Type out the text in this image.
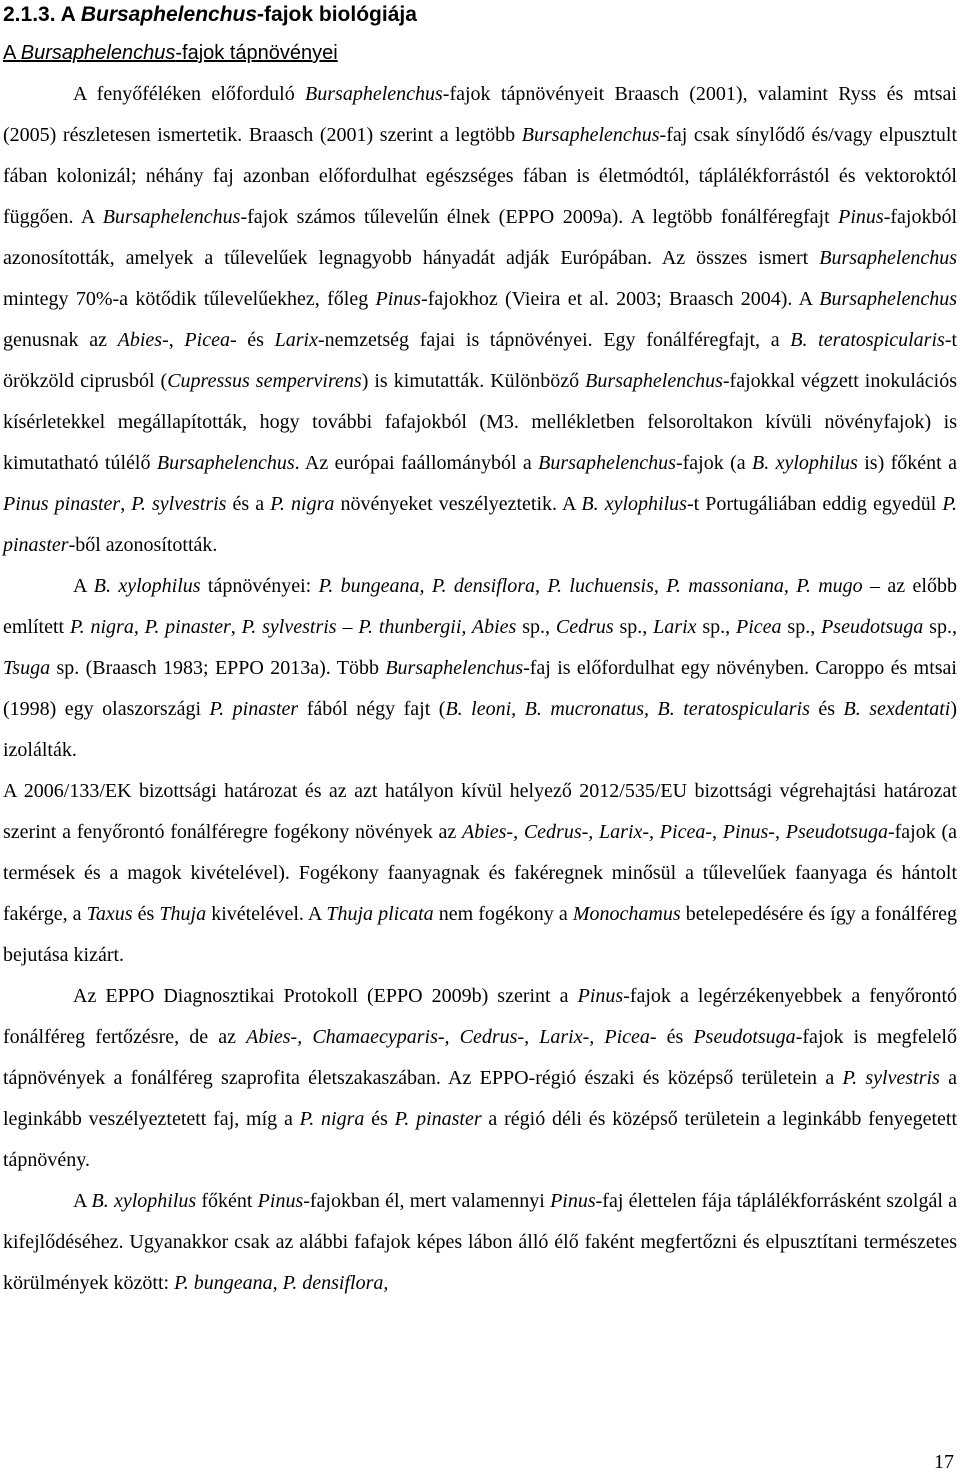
2.1.3. A Bursaphelenchus-fajok biológiája
A Bursaphelenchus-fajok tápnövényei

A fenyőféléken előforduló Bursaphelenchus-fajok tápnövényeit Braasch (2001), valamint Ryss és mtsai (2005) részletesen ismertetik. Braasch (2001) szerint a legtöbb Bursaphelenchus-faj csak sínylődő és/vagy elpusztult fában kolonizál; néhány faj azonban előfordulhat egészséges fában is életmódtól, táplálékforrástól és vektoroktól függően. A Bursaphelenchus-fajok számos tűlevelűn élnek (EPPO 2009a). A legtöbb fonálféregfajt Pinus-fajokból azonosították, amelyek a tűlevelűek legnagyobb hányadát adják Európában. Az összes ismert Bursaphelenchus mintegy 70%-a kötődik tűlevelűekhez, főleg Pinus-fajokhoz (Vieira et al. 2003; Braasch 2004). A Bursaphelenchus genusnak az Abies-, Picea- és Larix-nemzetség fajai is tápnövényei. Egy fonálféregfajt, a B. teratospicularis-t örökzöld ciprusból (Cupressus sempervirens) is kimutatták. Különböző Bursaphelenchus-fajokkal végzett inokulációs kísérletekkel megállapították, hogy további fafajokból (M3. mellékletben felsoroltakon kívüli növényfajok) is kimutatható túlélő Bursaphelenchus. Az európai faállományból a Bursaphelenchus-fajok (a B. xylophilus is) főként a Pinus pinaster, P. sylvestris és a P. nigra növényeket veszélyeztetik. A B. xylophilus-t Portugáliában eddig egyedül P. pinaster-ből azonosították.

A B. xylophilus tápnövényei: P. bungeana, P. densiflora, P. luchuensis, P. massoniana, P. mugo – az előbb említett P. nigra, P. pinaster, P. sylvestris – P. thunbergii, Abies sp., Cedrus sp., Larix sp., Picea sp., Pseudotsuga sp., Tsuga sp. (Braasch 1983; EPPO 2013a). Több Bursaphelenchus-faj is előfordulhat egy növényben. Caroppo és mtsai (1998) egy olaszországi P. pinaster fából négy fajt (B. leoni, B. mucronatus, B. teratospicularis és B. sexdentati) izolálták.

A 2006/133/EK bizottsági határozat és az azt hatályon kívül helyező 2012/535/EU bizottsági végrehajtási határozat szerint a fenyőrontó fonálféregre fogékony növények az Abies-, Cedrus-, Larix-, Picea-, Pinus-, Pseudotsuga-fajok (a termések és a magok kivételével). Fogékony faanyagnak és fakéregnek minősül a tűlevelűek faanyaga és hántolt fakérge, a Taxus és Thuja kivételével. A Thuja plicata nem fogékony a Monochamus betelepedésére és így a fonálféreg bejutása kizárt.

Az EPPO Diagnosztikai Protokoll (EPPO 2009b) szerint a Pinus-fajok a legérzékenyebbek a fenyőrontó fonálféreg fertőzésre, de az Abies-, Chamaecyparis-, Cedrus-, Larix-, Picea- és Pseudotsuga-fajok is megfelelő tápnövények a fonálféreg szaprofita életszakaszában. Az EPPO-régió északi és középső területein a P. sylvestris a leginkább veszélyeztetett faj, míg a P. nigra és P. pinaster a régió déli és középső területein a leginkább fenyegetett tápnövény.

A B. xylophilus főként Pinus-fajokban él, mert valamennyi Pinus-faj élettelen fája táplálékforrásként szolgál a kifejlődéséhez. Ugyanakkor csak az alábbi fafajok képes lábon álló élő faként megfertőzni és elpusztítani természetes körülmények között: P. bungeana, P. densiflora,

17
